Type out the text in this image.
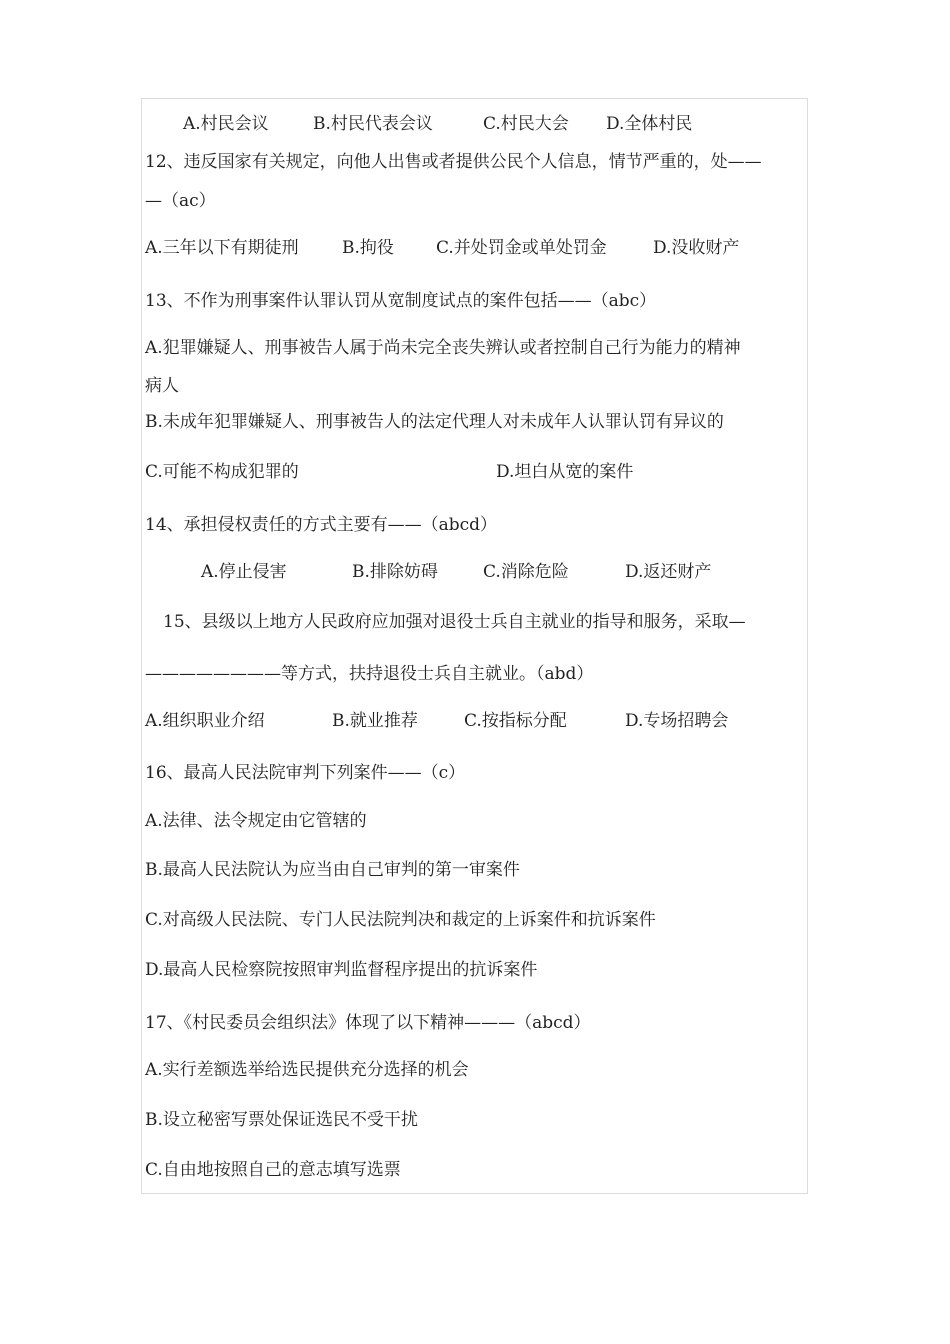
A.村民会议	B.村民代表会议	C.村民大会 D.全体村民
12、违反国家有关规定，向他人出售或者提供公民个人信息，情节严重的，处——
—（ac）
A.三年以下有期徒刑	B.拘役 C.并处罚金或单处罚金	D.没收财产
13、不作为刑事案件认罪认罚从宽制度试点的案件包括——（abc）
A.犯罪嫌疑人、刑事被告人属于尚未完全丧失辨认或者控制自己行为能力的精神
病人
B.未成年犯罪嫌疑人、刑事被告人的法定代理人对未成年人认罪认罚有异议的
C.可能不构成犯罪的	D.坦白从宽的案件
14、承担侵权责任的方式主要有——（abcd）
A.停止侵害	B.排除妨碍	C.消除危险	D.返还财产
15、县级以上地方人民政府应加强对退役士兵自主就业的指导和服务，采取—
————————等方式，扶持退役士兵自主就业。（abd）
A.组织职业介绍	B.就业推荐	C.按指标分配	D.专场招聘会
16、最高人民法院审判下列案件——（c）
A.法律、法令规定由它管辖的
B.最高人民法院认为应当由自己审判的第一审案件
C.对高级人民法院、专门人民法院判决和裁定的上诉案件和抗诉案件
D.最高人民检察院按照审判监督程序提出的抗诉案件
17、《村民委员会组织法》体现了以下精神———（abcd）
A.实行差额选举给选民提供充分选择的机会
B.设立秘密写票处保证选民不受干扰
C.自由地按照自己的意志填写选票
